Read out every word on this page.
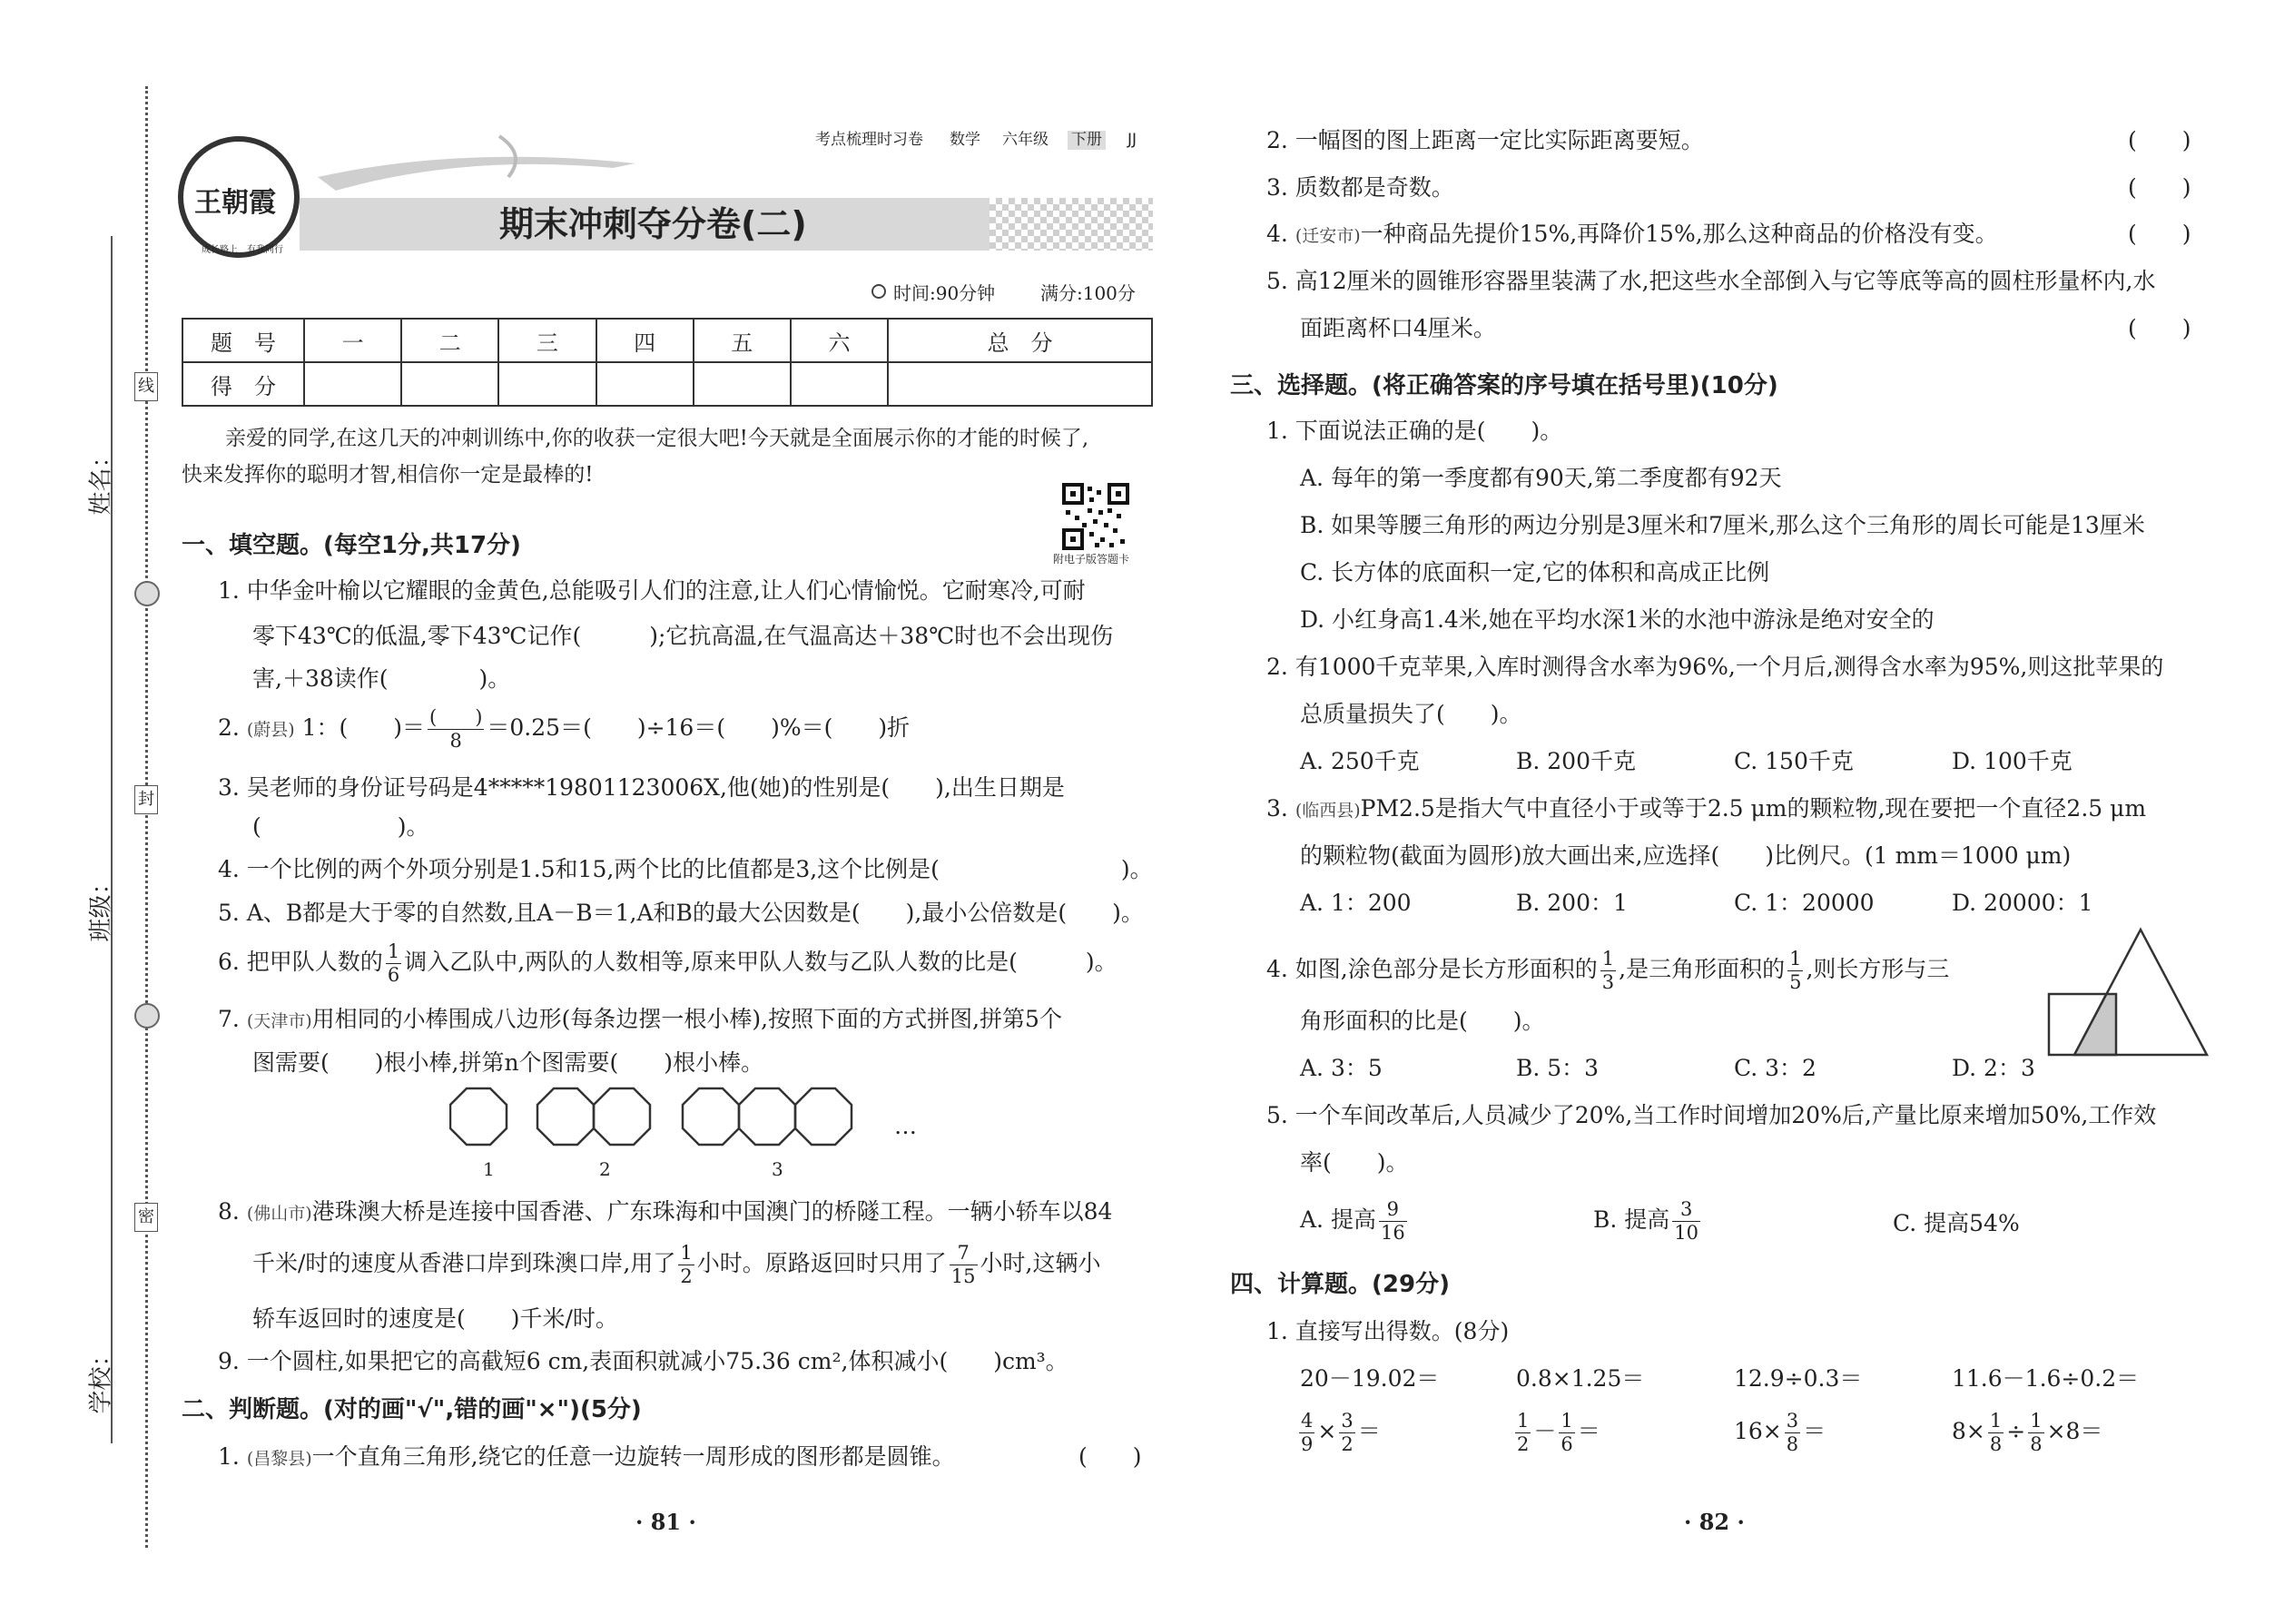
姓名：
班级：
学校：
线
封
密
王朝霞
成长路上 有我同行
考点梳理时习卷 数学 六年级 下册 JJ
期末冲刺夺分卷(二)
时间:90分钟 满分:100分
题　号	一	二	三	四	五	六	总　分
得　分							
亲爱的同学,在这几天的冲刺训练中,你的收获一定很大吧!今天就是全面展示你的才能的时候了,
快来发挥你的聪明才智,相信你一定是最棒的!
附电子版答题卡
一、填空题。(每空1分,共17分)
1. 中华金叶榆以它耀眼的金黄色,总能吸引人们的注意,让人们心情愉悦。它耐寒冷,可耐
零下43℃的低温,零下43℃记作(　　　);它抗高温,在气温高达＋38℃时也不会出现伤
害,＋38读作(　　　　)。
2. (蔚县) 1：(　　)＝ $\frac{( )}{8} =0.25=$(　　)÷16＝(　　)%＝(　　)折
3. 吴老师的身份证号码是4*****19801123006X,他(她)的性别是(　　),出生日期是
(　　　　　　)。
4. 一个比例的两个外项分别是1.5和15,两个比的比值都是3,这个比例是(　　　　　　　　)。
5. A、B都是大于零的自然数,且A－B＝1,A和B的最大公因数是(　　),最小公倍数是(　　)。
6. 把甲队人数的 $\frac{1}{6}$ 调入乙队中,两队的人数相等,原来甲队人数与乙队人数的比是(　　　)。
7. (天津市)用相同的小棒围成八边形(每条边摆一根小棒),按照下面的方式拼图,拼第5个
图需要(　　)根小棒,拼第n个图需要(　　)根小棒。
…
1	2	3
8. (佛山市)港珠澳大桥是连接中国香港、广东珠海和中国澳门的桥隧工程。一辆小轿车以84
千米/时的速度从香港口岸到珠澳口岸,用了 $\frac{1}{2}$ 小时。原路返回时只用了 $\frac{7}{15}$ 小时,这辆小
轿车返回时的速度是(　　)千米/时。
9. 一个圆柱,如果把它的高截短6 cm,表面积就减小75.36 cm²,体积减小(　　)cm³。
二、判断题。(对的画"√",错的画"×")(5分)
1. (昌黎县)一个直角三角形,绕它的任意一边旋转一周形成的图形都是圆锥。	(　　)
· 81 ·
2. 一幅图的图上距离一定比实际距离要短。	(　　)
3. 质数都是奇数。	(　　)
4. (迁安市)一种商品先提价15%,再降价15%,那么这种商品的价格没有变。	(　　)
5. 高12厘米的圆锥形容器里装满了水,把这些水全部倒入与它等底等高的圆柱形量杯内,水
面距离杯口4厘米。	(　　)
三、选择题。(将正确答案的序号填在括号里)(10分)
1. 下面说法正确的是(　　)。
A. 每年的第一季度都有90天,第二季度都有92天
B. 如果等腰三角形的两边分别是3厘米和7厘米,那么这个三角形的周长可能是13厘米
C. 长方体的底面积一定,它的体积和高成正比例
D. 小红身高1.4米,她在平均水深1米的水池中游泳是绝对安全的
2. 有1000千克苹果,入库时测得含水率为96%,一个月后,测得含水率为95%,则这批苹果的
总质量损失了(　　)。
A. 250千克	B. 200千克	C. 150千克	D. 100千克
3. (临西县)PM2.5是指大气中直径小于或等于2.5 μm的颗粒物,现在要把一个直径2.5 μm
的颗粒物(截面为圆形)放大画出来,应选择(　　)比例尺。(1 mm＝1000 μm)
A. 1：200	B. 200：1	C. 1：20000	D. 20000：1
4. 如图,涂色部分是长方形面积的 $\frac{1}{3}$ ,是三角形面积的 $\frac{1}{5}$ ,则长方形与三
角形面积的比是(　　)。
A. 3：5	B. 5：3	C. 3：2	D. 2：3
5. 一个车间改革后,人员减少了20%,当工作时间增加20%后,产量比原来增加50%,工作效
率(　　)。
A. 提高 $\frac{9}{16}$	B. 提高 $\frac{3}{10}$	C. 提高54%
四、计算题。(29分)
1. 直接写出得数。(8分)
20－19.02＝	0.8×1.25＝	12.9÷0.3＝	11.6－1.6÷0.2＝
$\frac{4}{9} \times \frac{3}{2}$ ＝	$\frac{1}{2} - \frac{1}{6}$ ＝	$16\times \frac{3}{8}$ ＝	$8\times \frac{1}{8} \div \frac{1}{8} \times 8=$
· 82 ·
